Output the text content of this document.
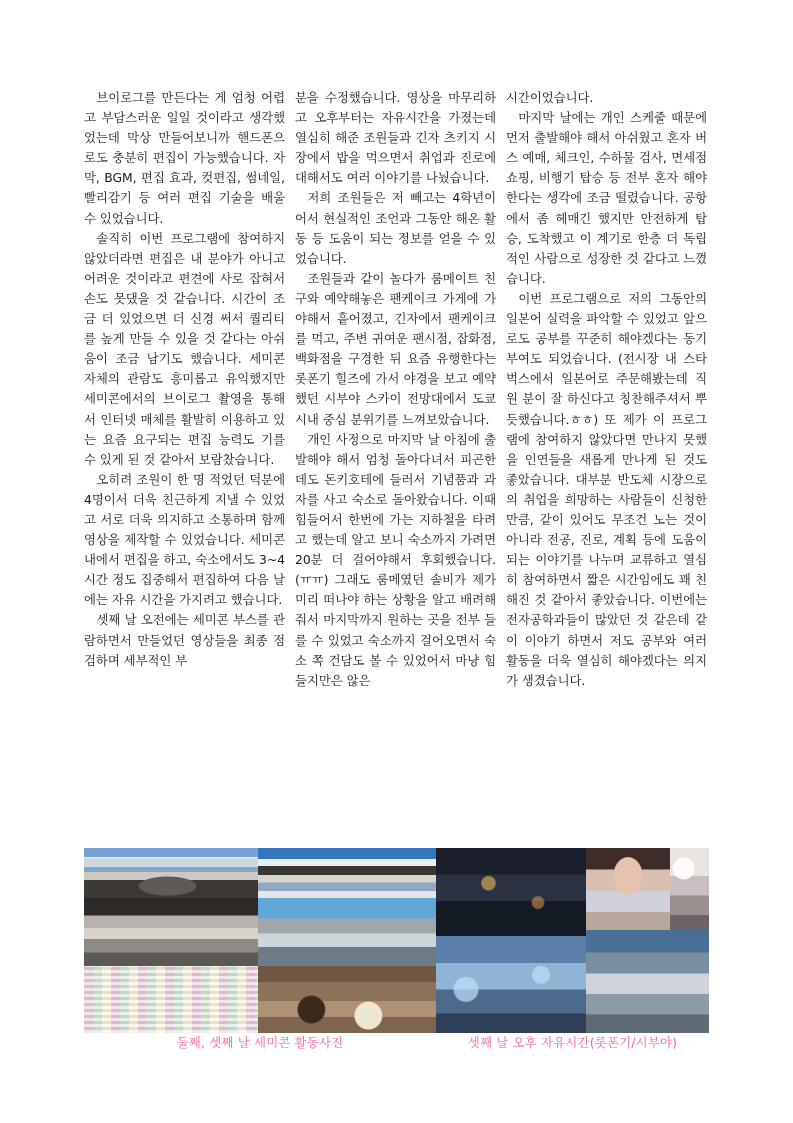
브이로그를 만든다는 게 엄청 어렵고 부담스러운 일일 것이라고 생각했었는데 막상 만들어보니까 핸드폰으로도 충분히 편집이 가능했습니다. 자막, BGM, 편집 효과, 컷편집, 썸네일, 빨리감기 등 여러 편집 기술을 배울 수 있었습니다.

솔직히 이번 프로그램에 참여하지 않았더라면 편집은 내 분야가 아니고 어려운 것이라고 편견에 사로 잡혀서 손도 못댔을 것 같습니다. 시간이 조금 더 있었으면 더 신경 써서 퀄리티를 높게 만들 수 있을 것 같다는 아쉬움이 조금 남기도 했습니다. 세미콘 자체의 관람도 흥미롭고 유익했지만 세미콘에서의 브이로그 촬영을 통해서 인터넷 매체를 활발히 이용하고 있는 요즘 요구되는 편집 능력도 기를 수 있게 된 것 같아서 보람찼습니다.

오히려 조원이 한 명 적었던 덕분에 4명이서 더욱 친근하게 지낼 수 있었고 서로 더욱 의지하고 소통하며 함께 영상을 제작할 수 있었습니다. 세미콘 내에서 편집을 하고, 숙소에서도 3~4시간 정도 집중해서 편집하여 다음 날에는 자유 시간을 가지려고 했습니다.

셋째 날 오전에는 세미콘 부스를 관람하면서 만들었던 영상들을 최종 점검하며 세부적인 부

분을 수정했습니다. 영상을 마무리하고 오후부터는 자유시간을 가졌는데 열심히 해준 조원들과 긴자 츠키지 시장에서 밥을 먹으면서 취업과 진로에 대해서도 여러 이야기를 나눴습니다.

저희 조원들은 저 빼고는 4학년이어서 현실적인 조언과 그동안 해온 활동 등 도움이 되는 정보를 얻을 수 있었습니다.

조원들과 같이 놀다가 룸메이트 친구와 예약해놓은 팬케이크 가게에 가야해서 흩어졌고, 긴자에서 팬케이크를 먹고, 주변 귀여운 팬시점, 잡화점, 백화점을 구경한 뒤 요즘 유행한다는 롯폰기 힐즈에 가서 야경을 보고 예약했던 시부야 스카이 전망대에서 도쿄 시내 중심 분위기를 느껴보았습니다.

개인 사정으로 마지막 날 아침에 출발해야 해서 엄청 돌아다녀서 피곤한데도 돈키호테에 들러서 기념품과 과자를 사고 숙소로 돌아왔습니다. 이때 힘들어서 한번에 가는 지하철을 타려고 했는데 알고 보니 숙소까지 가려면 20분 더 걸어야해서 후회했습니다.(ㅠㅠ) 그래도 룸메였던 솔비가 제가 미리 떠나야 하는 상황을 알고 배려해줘서 마지막까지 원하는 곳을 전부 들를 수 있었고 숙소까지 걸어오면서 숙소 쪽 건담도 볼 수 있었어서 마냥 힘들지만은 않은

시간이었습니다.

마지막 날에는 개인 스케줄 때문에 먼저 출발해야 해서 아쉬웠고 혼자 버스 예매, 체크인, 수하물 검사, 면세점 쇼핑, 비행기 탑승 등 전부 혼자 해야 한다는 생각에 조금 떨렸습니다. 공항에서 좀 헤매긴 했지만 안전하게 탑승, 도착했고 이 계기로 한층 더 독립적인 사람으로 성장한 것 같다고 느꼈습니다.

이번 프로그램으로 저의 그동안의 일본어 실력을 파악할 수 있었고 앞으로도 공부를 꾸준히 해야겠다는 동기부여도 되었습니다. (전시장 내 스타벅스에서 일본어로 주문해봤는데 직원 분이 잘 하신다고 칭찬해주셔서 뿌듯했습니다.ㅎㅎ) 또 제가 이 프로그램에 참여하지 않았다면 만나지 못했을 인연들을 새롭게 만나게 된 것도 좋았습니다. 대부분 반도체 시장으로의 취업을 희망하는 사람들이 신청한 만큼, 같이 있어도 무조건 노는 것이 아니라 전공, 진로, 계획 등에 도움이 되는 이야기를 나누며 교류하고 열심히 참여하면서 짧은 시간임에도 꽤 친해진 것 같아서 좋았습니다. 이번에는 전자공학과들이 많았던 것 같은데 같이 이야기 하면서 저도 공부와 여러 활동을 더욱 열심히 해야겠다는 의지가 생겼습니다.

둘째, 셋째 날 세미콘 활동사진	셋째 날 오후 자유시간(롯폰기/시부야)
